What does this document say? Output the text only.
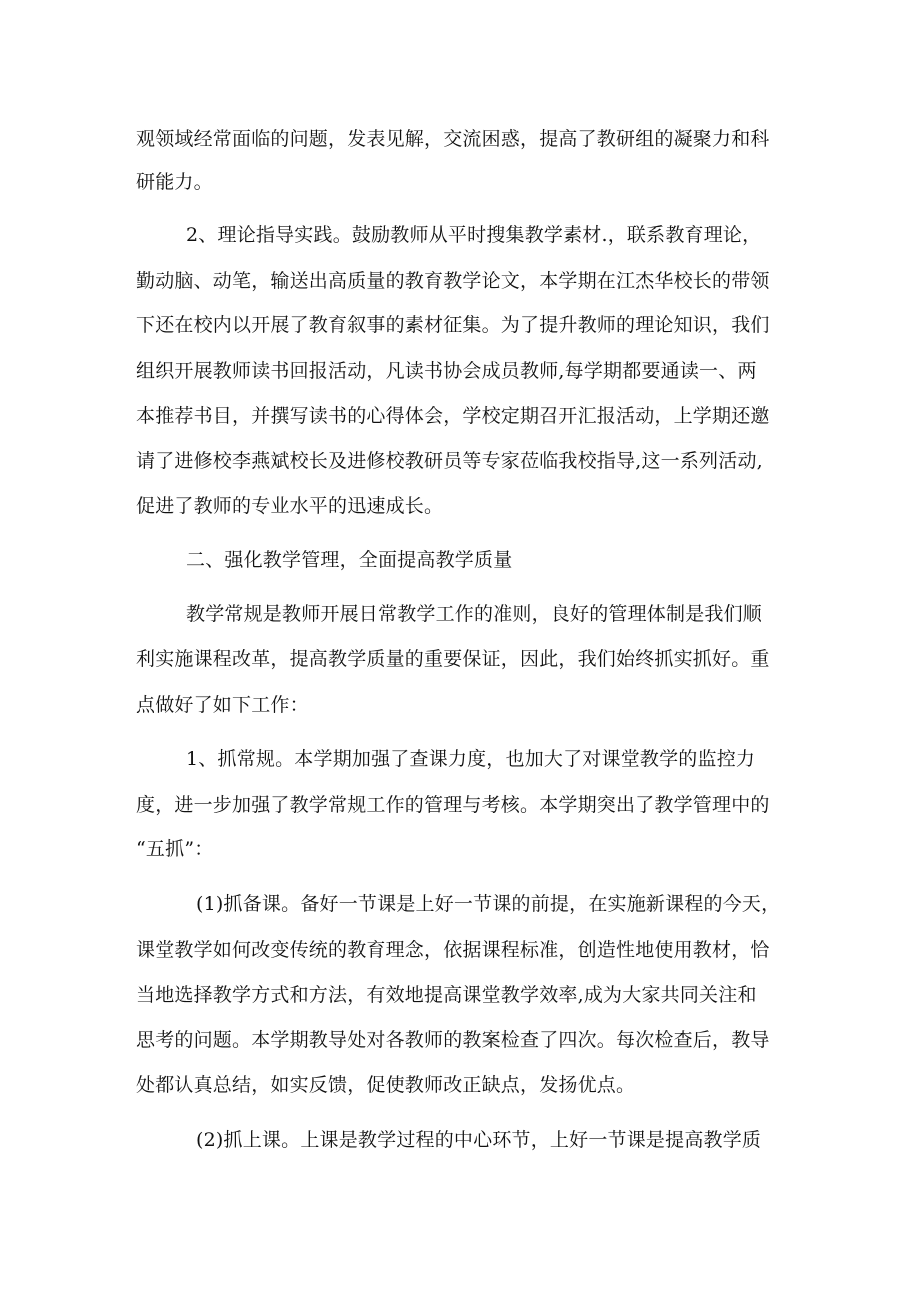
观领域经常面临的问题，发表见解，交流困惑，提高了教研组的凝聚力和科
研能力。
2、理论指导实践。鼓励教师从平时搜集教学素材.，联系教育理论，
勤动脑、动笔，输送出高质量的教育教学论文，本学期在江杰华校长的带领
下还在校内以开展了教育叙事的素材征集。为了提升教师的理论知识，我们
组织开展教师读书回报活动，凡读书协会成员教师,每学期都要通读一、两
本推荐书目，并撰写读书的心得体会，学校定期召开汇报活动，上学期还邀
请了进修校李燕斌校长及进修校教研员等专家莅临我校指导,这一系列活动,
促进了教师的专业水平的迅速成长。
二、强化教学管理，全面提高教学质量
教学常规是教师开展日常教学工作的准则，良好的管理体制是我们顺
利实施课程改革，提高教学质量的重要保证，因此，我们始终抓实抓好。重
点做好了如下工作：
1、抓常规。本学期加强了查课力度，也加大了对课堂教学的监控力
度，进一步加强了教学常规工作的管理与考核。本学期突出了教学管理中的
“五抓”：
(1)抓备课。备好一节课是上好一节课的前提，在实施新课程的今天，
课堂教学如何改变传统的教育理念，依据课程标准，创造性地使用教材，恰
当地选择教学方式和方法，有效地提高课堂教学效率,成为大家共同关注和
思考的问题。本学期教导处对各教师的教案检查了四次。每次检查后，教导
处都认真总结，如实反馈，促使教师改正缺点，发扬优点。
(2)抓上课。上课是教学过程的中心环节，上好一节课是提高教学质
